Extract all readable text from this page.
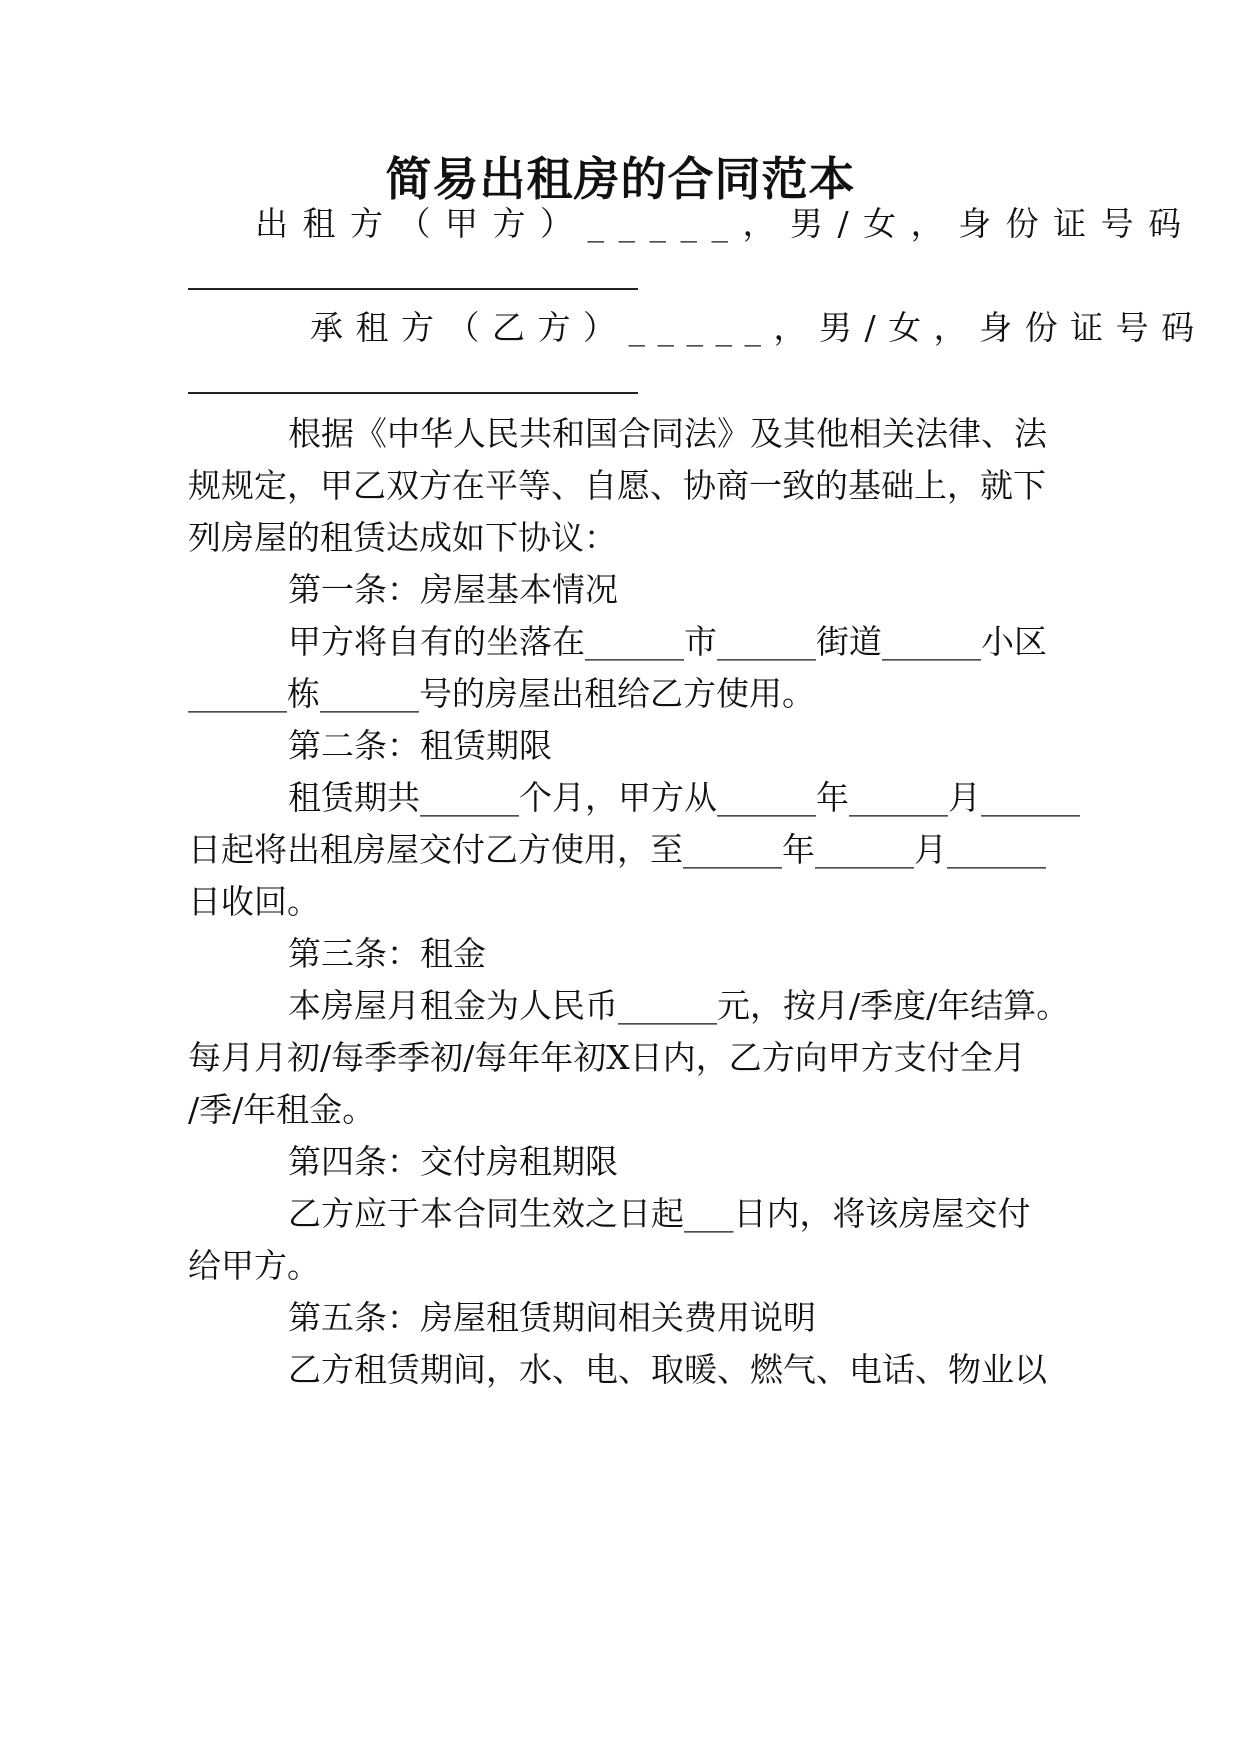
简易出租房的合同范本
出租方（甲方）_____，男/女，身份证号码
承租方（乙方）_____，男/女，身份证号码
根据《中华人民共和国合同法》及其他相关法律、法
规规定，甲乙双方在平等、自愿、协商一致的基础上，就下
列房屋的租赁达成如下协议：
第一条：房屋基本情况
甲方将自有的坐落在______市______街道______小区
______栋______号的房屋出租给乙方使用。
第二条：租赁期限
租赁期共______个月，甲方从______年______月______
日起将出租房屋交付乙方使用，至______年______月______
日收回。
第三条：租金
本房屋月租金为人民币______元，按月/季度/年结算。
每月月初/每季季初/每年年初X日内，乙方向甲方支付全月
/季/年租金。
第四条：交付房租期限
乙方应于本合同生效之日起___日内，将该房屋交付
给甲方。
第五条：房屋租赁期间相关费用说明
乙方租赁期间，水、电、取暖、燃气、电话、物业以
